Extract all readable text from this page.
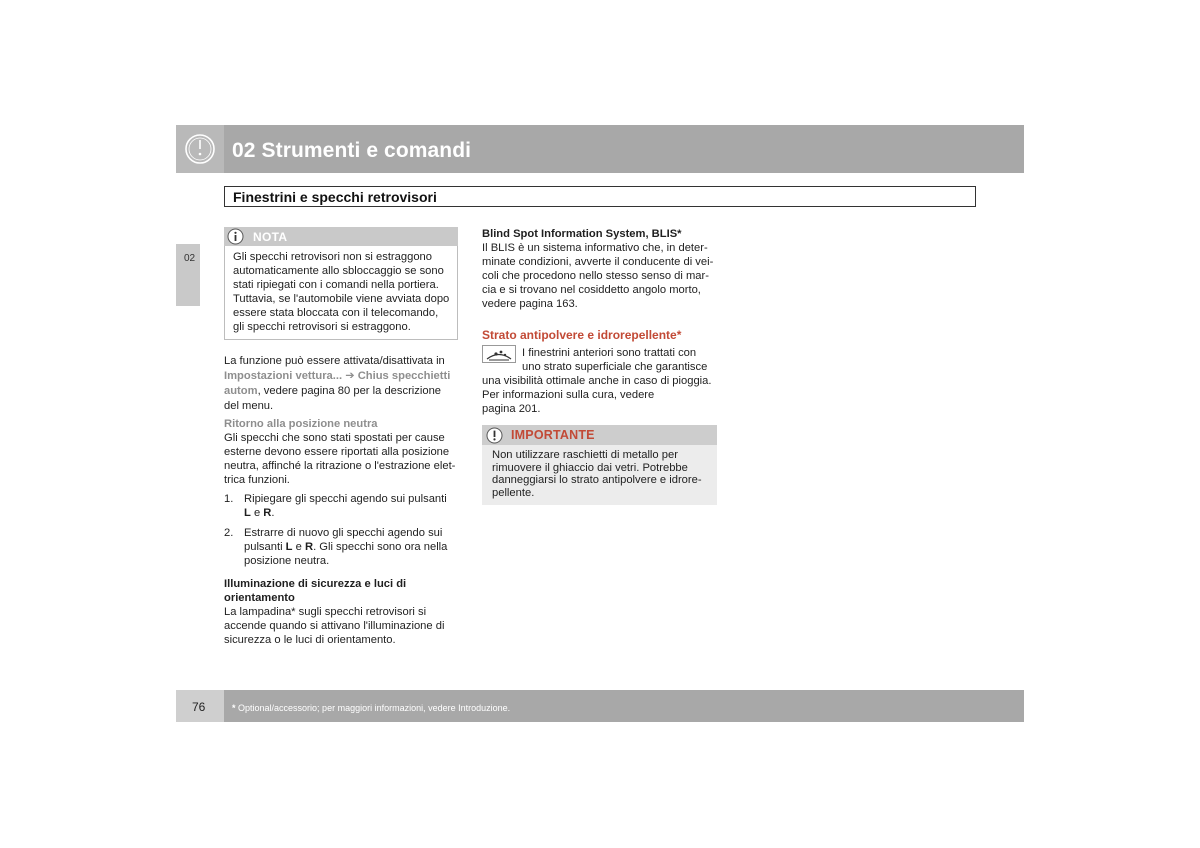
02 Strumenti e comandi
Finestrini e specchi retrovisori
02
NOTA
Gli specchi retrovisori non si estraggono
automaticamente allo sbloccaggio se sono
stati ripiegati con i comandi nella portiera.
Tuttavia, se l'automobile viene avviata dopo
essere stata bloccata con il telecomando,
gli specchi retrovisori si estraggono.
La funzione può essere attivata/disattivata in
Impostazioni vettura... ➔ Chius specchietti
autom, vedere pagina 80 per la descrizione
del menu.
Ritorno alla posizione neutra
Gli specchi che sono stati spostati per cause
esterne devono essere riportati alla posizione
neutra, affinché la ritrazione o l'estrazione elet-
trica funzioni.
1. Ripiegare gli specchi agendo sui pulsanti
L e R.
2. Estrarre di nuovo gli specchi agendo sui
pulsanti L e R. Gli specchi sono ora nella
posizione neutra.
Illuminazione di sicurezza e luci di
orientamento
La lampadina* sugli specchi retrovisori si
accende quando si attivano l'illuminazione di
sicurezza o le luci di orientamento.
Blind Spot Information System, BLIS*
Il BLIS è un sistema informativo che, in deter-
minate condizioni, avverte il conducente di vei-
coli che procedono nello stesso senso di mar-
cia e si trovano nel cosiddetto angolo morto,
vedere pagina 163.
Strato antipolvere e idrorepellente*
I finestrini anteriori sono trattati con
uno strato superficiale che garantisce
una visibilità ottimale anche in caso di pioggia.
Per informazioni sulla cura, vedere
pagina 201.
IMPORTANTE
Non utilizzare raschietti di metallo per
rimuovere il ghiaccio dai vetri. Potrebbe
danneggiarsi lo strato antipolvere e idrore-
pellente.
76	* Optional/accessorio; per maggiori informazioni, vedere Introduzione.
